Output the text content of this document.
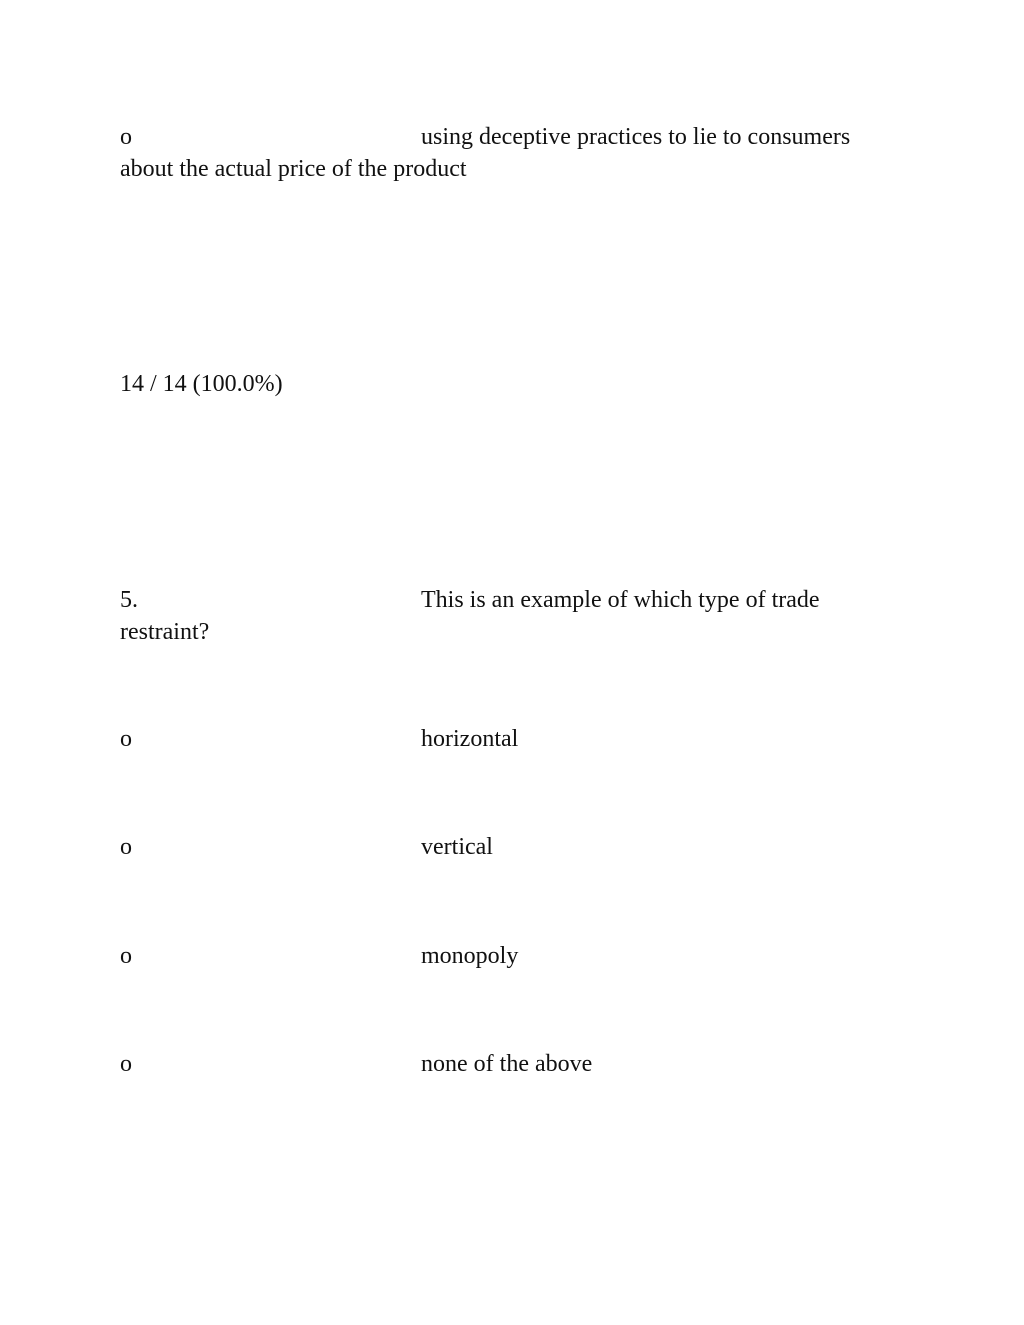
o	using deceptive practices to lie to consumers
about the actual price of the product
14 / 14 (100.0%)
5.	This is an example of which type of trade
restraint?
o	horizontal
o	vertical
o	monopoly
o	none of the above
